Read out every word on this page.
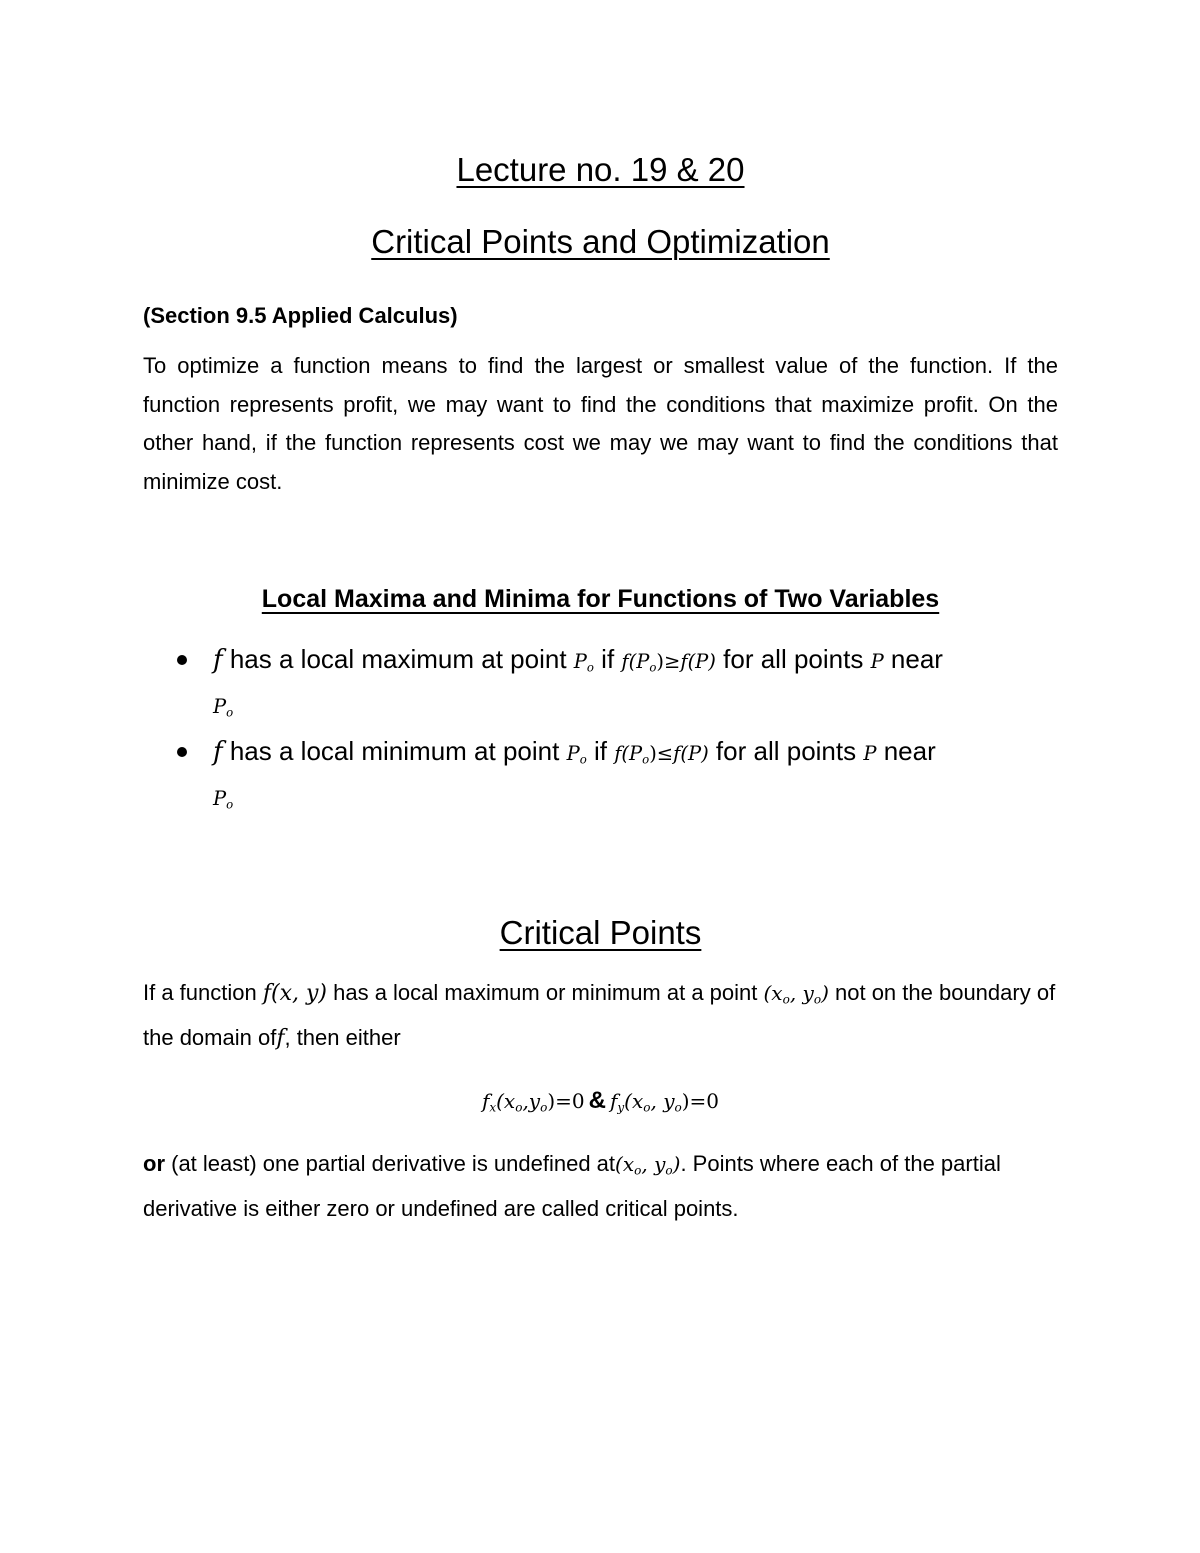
Lecture no. 19 & 20
Critical Points and Optimization
(Section 9.5 Applied Calculus)
To optimize a function means to find the largest or smallest value of the function. If the function represents profit, we may want to find the conditions that maximize profit. On the other hand, if the function represents cost we may we may want to find the conditions that minimize cost.
Local Maxima and Minima for Functions of Two Variables
f has a local maximum at point $P_o$ if $f(P_o)\ge f(P)$ for all points P near
$P_o$
f has a local minimum at point $P_o$ if $f(P_o)\le f(P)$ for all points P near
$P_o$
Critical Points
If a function f(x, y) has a local maximum or minimum at a point ($x_o$, $y_o$) not on the boundary of the domain off, then either
$f_x(x_o,y_o)=0$ & $f_y(x_o$, $y_o)=0$
or (at least) one partial derivative is undefined $at(x_o$, $y_o$). Points where each of the partial derivative is either zero or undefined are called critical points.
